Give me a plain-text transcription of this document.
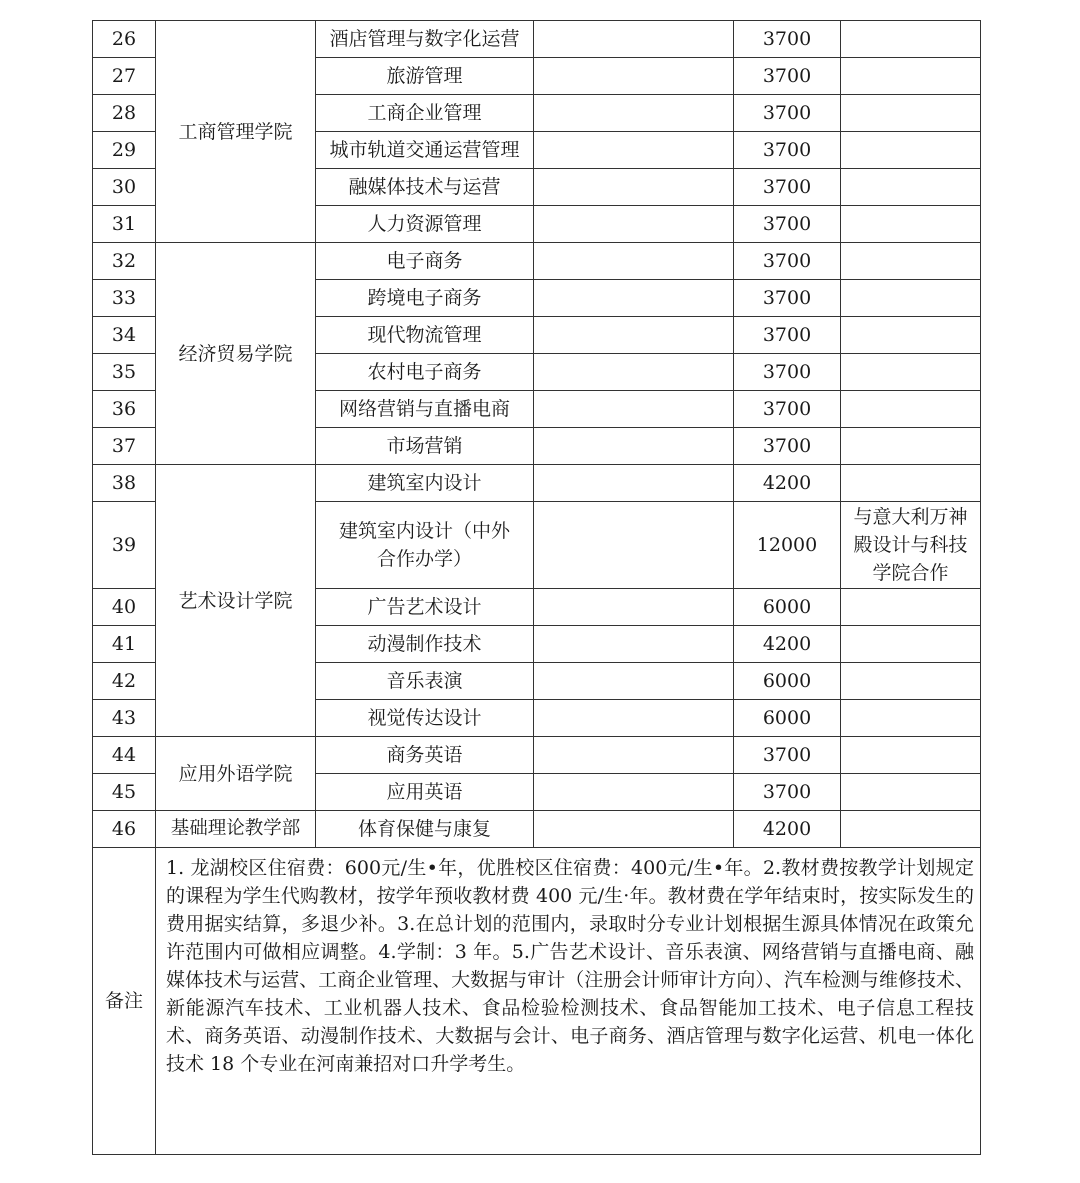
26	工商管理学院	酒店管理与数字化运营		3700	
27		旅游管理		3700	
28		工商企业管理		3700	
29		城市轨道交通运营管理		3700	
30		融媒体技术与运营		3700	
31		人力资源管理		3700	
32	经济贸易学院	电子商务		3700	
33		跨境电子商务		3700	
34		现代物流管理		3700	
35		农村电子商务		3700	
36		网络营销与直播电商		3700	
37		市场营销		3700	
38	艺术设计学院	建筑室内设计		4200	
39		建筑室内设计（中外合作办学）		12000	与意大利万神殿设计与科技学院合作
40		广告艺术设计		6000	
41		动漫制作技术		4200	
42		音乐表演		6000	
43		视觉传达设计		6000	
44	应用外语学院	商务英语		3700	
45		应用英语		3700	
46	基础理论教学部	体育保健与康复		4200	
备注	1. 龙湖校区住宿费：600元/生•年，优胜校区住宿费：400元/生•年。2.教材费按教学计划规定的课程为学生代购教材，按学年预收教材费 400 元/生·年。教材费在学年结束时，按实际发生的费用据实结算，多退少补。3.在总计划的范围内，录取时分专业计划根据生源具体情况在政策允许范围内可做相应调整。4.学制：3 年。5.广告艺术设计、音乐表演、网络营销与直播电商、融媒体技术与运营、工商企业管理、大数据与审计（注册会计师审计方向）、汽车检测与维修技术、新能源汽车技术、工业机器人技术、食品检验检测技术、食品智能加工技术、电子信息工程技术、商务英语、动漫制作技术、大数据与会计、电子商务、酒店管理与数字化运营、机电一体化技术 18 个专业在河南兼招对口升学考生。				
